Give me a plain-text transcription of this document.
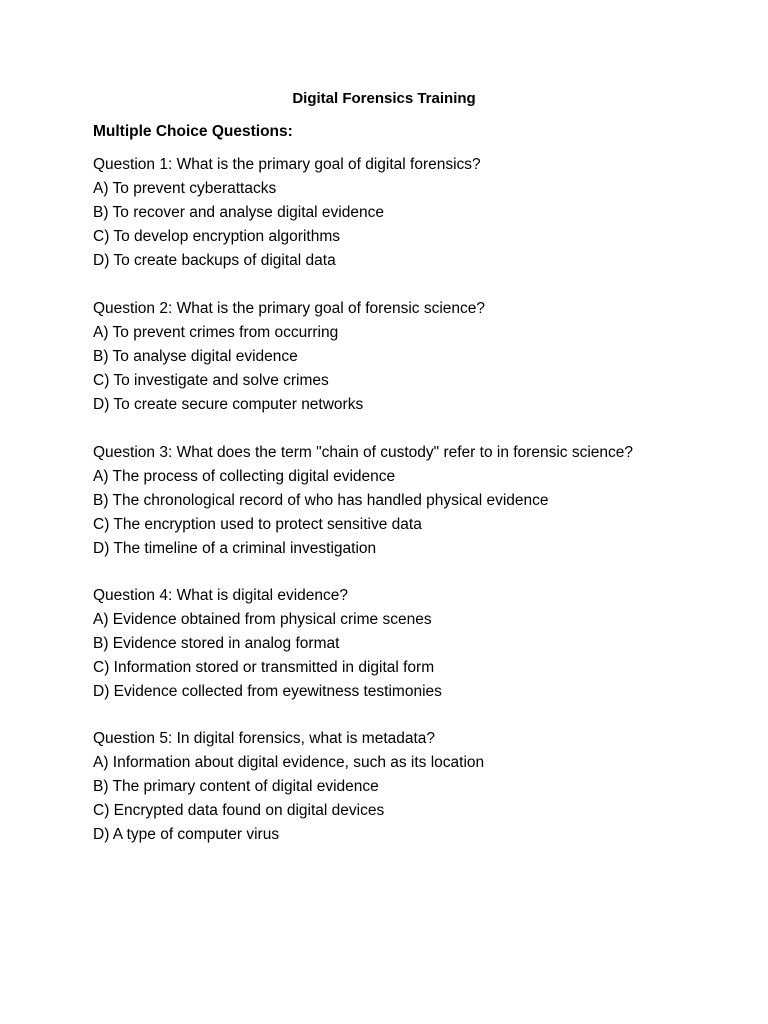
Digital Forensics Training
Multiple Choice Questions:
Question 1: What is the primary goal of digital forensics?
A) To prevent cyberattacks
B) To recover and analyse digital evidence
C) To develop encryption algorithms
D) To create backups of digital data
Question 2: What is the primary goal of forensic science?
A) To prevent crimes from occurring
B) To analyse digital evidence
C) To investigate and solve crimes
D) To create secure computer networks
Question 3: What does the term "chain of custody" refer to in forensic science?
A) The process of collecting digital evidence
B) The chronological record of who has handled physical evidence
C) The encryption used to protect sensitive data
D) The timeline of a criminal investigation
Question 4: What is digital evidence?
A) Evidence obtained from physical crime scenes
B) Evidence stored in analog format
C) Information stored or transmitted in digital form
D) Evidence collected from eyewitness testimonies
Question 5: In digital forensics, what is metadata?
A) Information about digital evidence, such as its location
B) The primary content of digital evidence
C) Encrypted data found on digital devices
D) A type of computer virus
